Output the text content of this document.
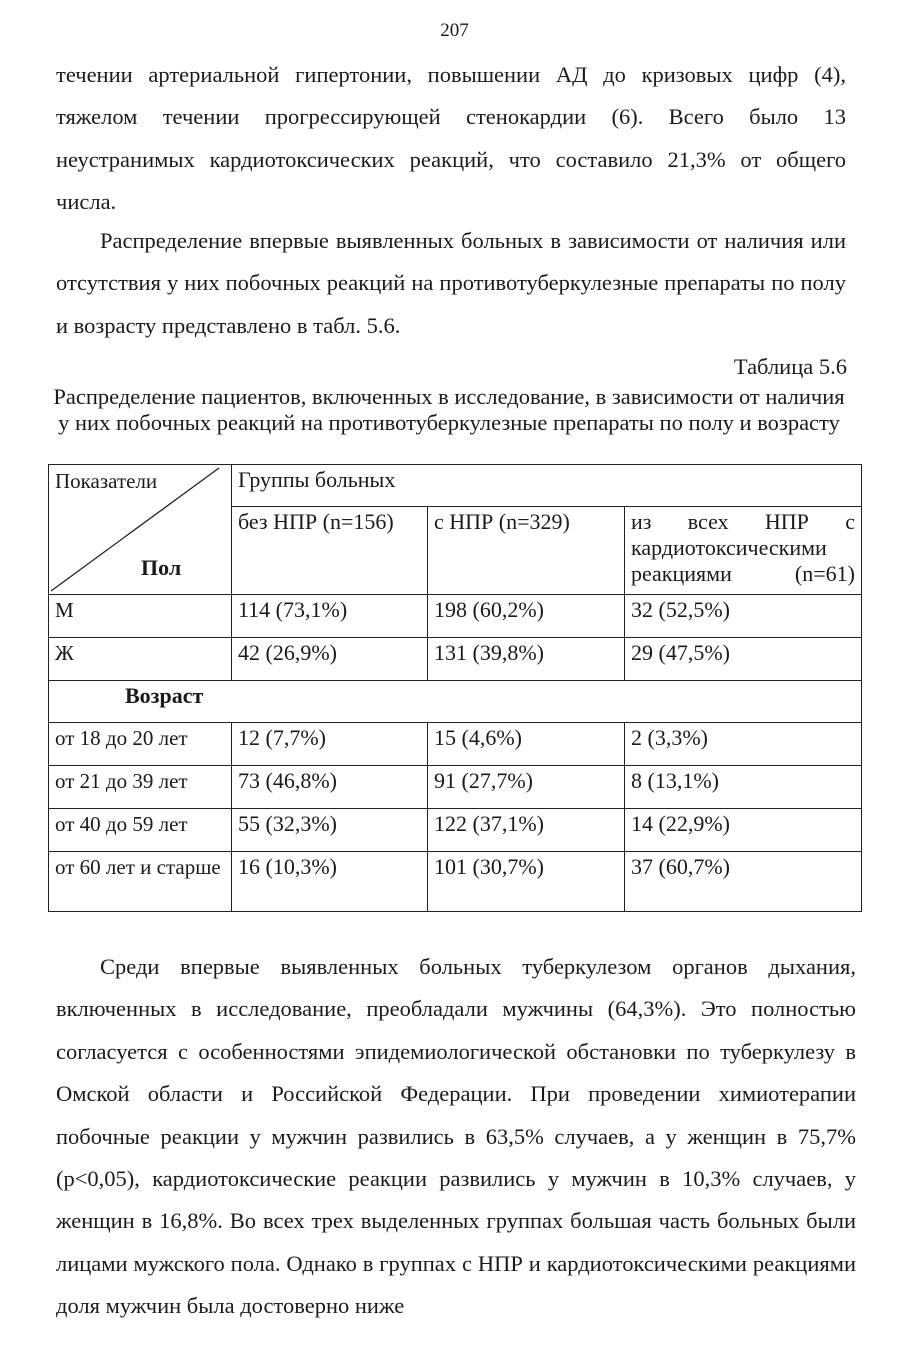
207

течении артериальной гипертонии, повышении АД до кризовых цифр (4), тяжелом течении прогрессирующей стенокардии (6). Всего было 13 неустранимых кардиотоксических реакций, что составило 21,3% от общего числа.

Распределение впервые выявленных больных в зависимости от наличия или отсутствия у них побочных реакций на противотуберкулезные препараты по полу и возрасту представлено в табл. 5.6.

Таблица 5.6

Распределение пациентов, включенных в исследование, в зависимости от наличия у них побочных реакций на противотуберкулезные препараты по полу и возрасту

Показатели
Пол	Группы больных		
	без НПР (n=156)	с НПР (n=329)	из всех НПР с кардиотоксическими реакциями (n=61)
М	114 (73,1%)	198 (60,2%)	32 (52,5%)
Ж	42 (26,9%)	131 (39,8%)	29 (47,5%)
Возраст			
от 18 до 20 лет	12 (7,7%)	15 (4,6%)	2 (3,3%)
от 21 до 39 лет	73 (46,8%)	91 (27,7%)	8 (13,1%)
от 40 до 59 лет	55 (32,3%)	122 (37,1%)	14 (22,9%)
от 60 лет и старше	16 (10,3%)	101 (30,7%)	37 (60,7%)

Среди впервые выявленных больных туберкулезом органов дыхания, включенных в исследование, преобладали мужчины (64,3%). Это полностью согласуется с особенностями эпидемиологической обстановки по туберкулезу в Омской области и Российской Федерации. При проведении химиотерапии побочные реакции у мужчин развились в 63,5% случаев, а у женщин в 75,7% (р<0,05), кардиотоксические реакции развились у мужчин в 10,3% случаев, у женщин в 16,8%. Во всех трех выделенных группах большая часть больных были лицами мужского пола. Однако в группах с НПР и кардиотоксическими реакциями доля мужчин была достоверно ниже
